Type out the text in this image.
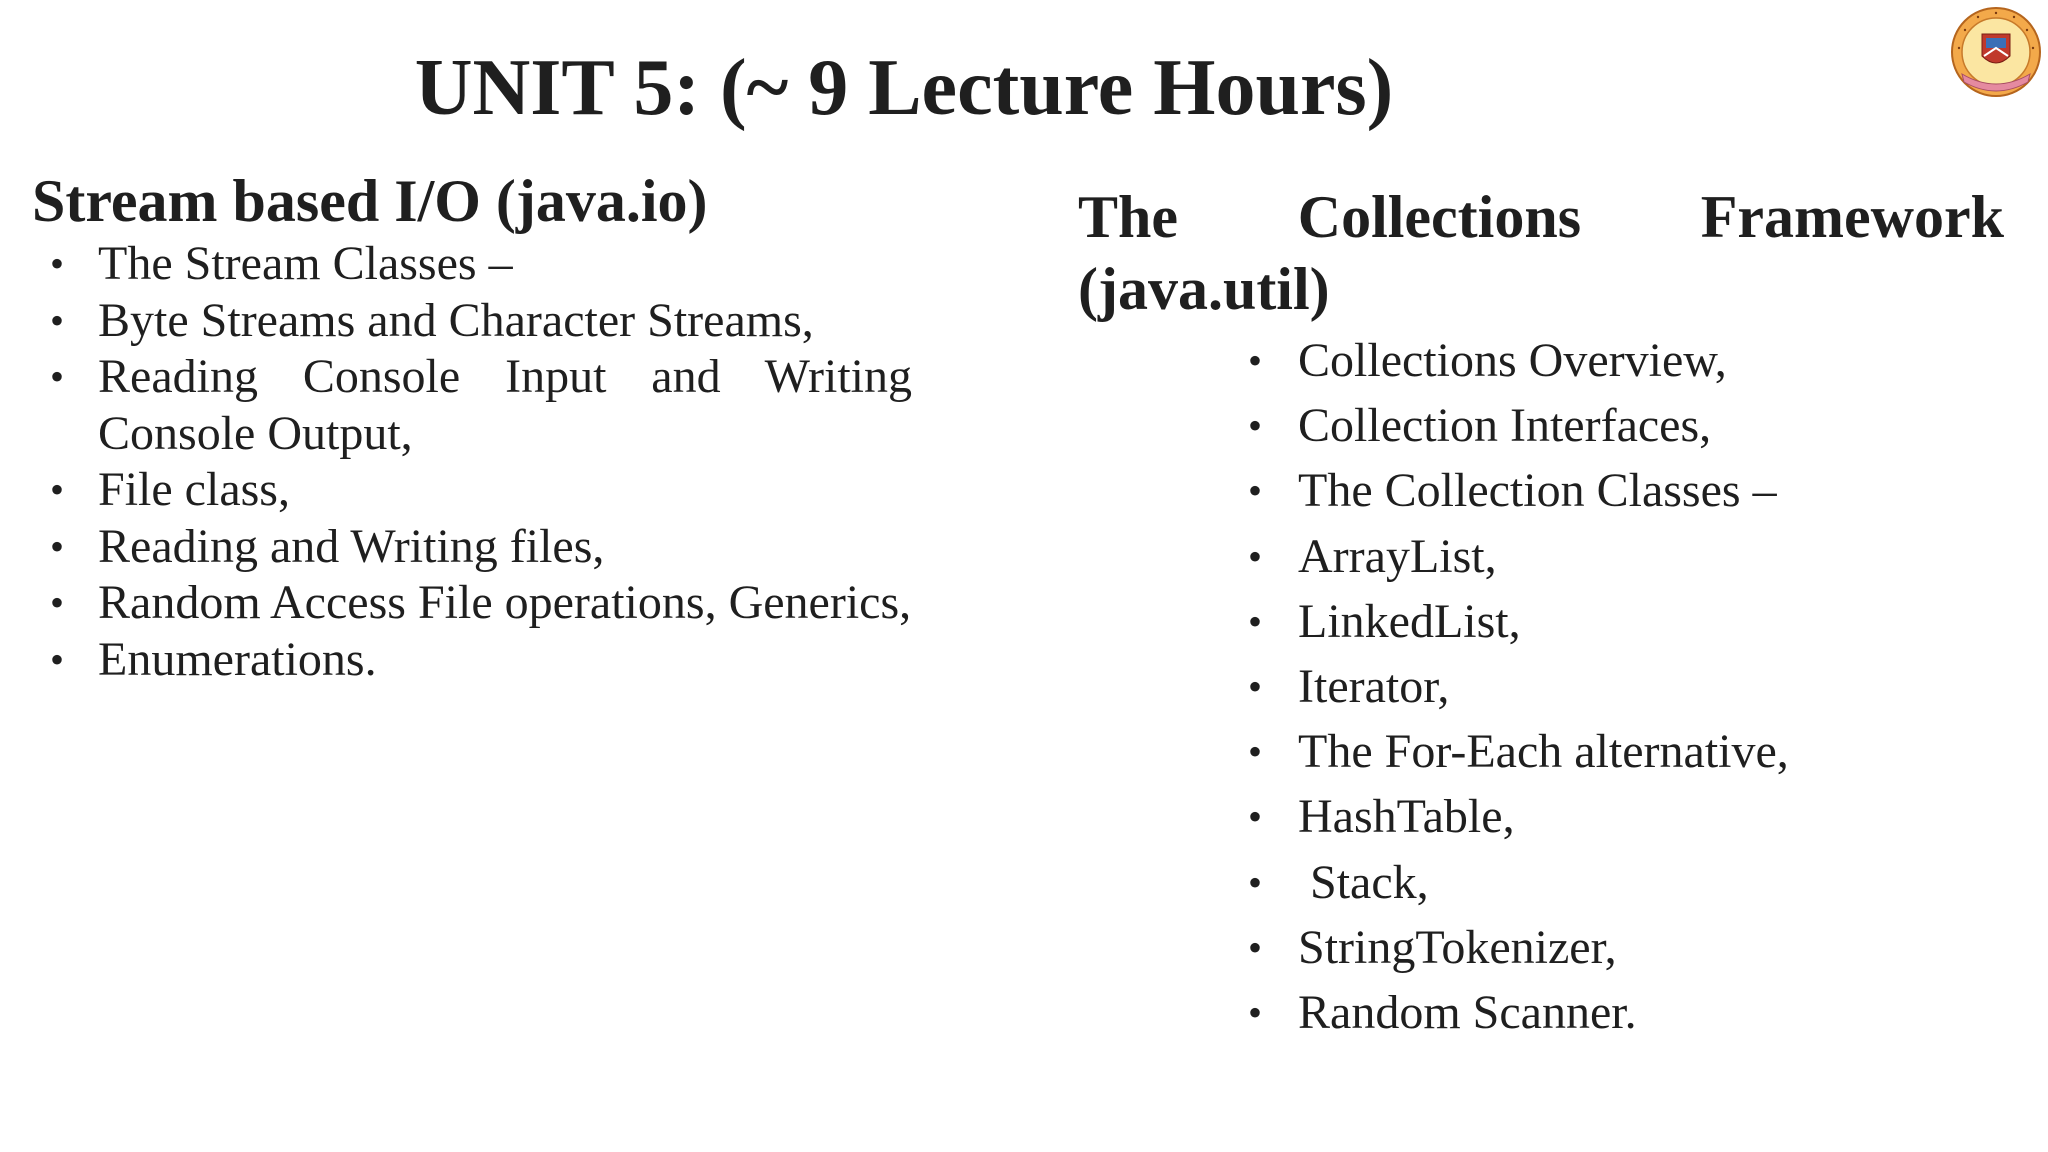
UNIT 5: (~ 9 Lecture Hours)
Stream based I/O (java.io)
• The Stream Classes –
• Byte Streams and Character Streams,
• Reading Console Input and Writing Console Output,
• File class,
• Reading and Writing files,
• Random Access File operations, Generics,
• Enumerations.
The Collections Framework (java.util)
• Collections Overview,
• Collection Interfaces,
• The Collection Classes –
• ArrayList,
• LinkedList,
• Iterator,
• The For-Each alternative,
• HashTable,
• Stack,
• StringTokenizer,
• Random Scanner.
